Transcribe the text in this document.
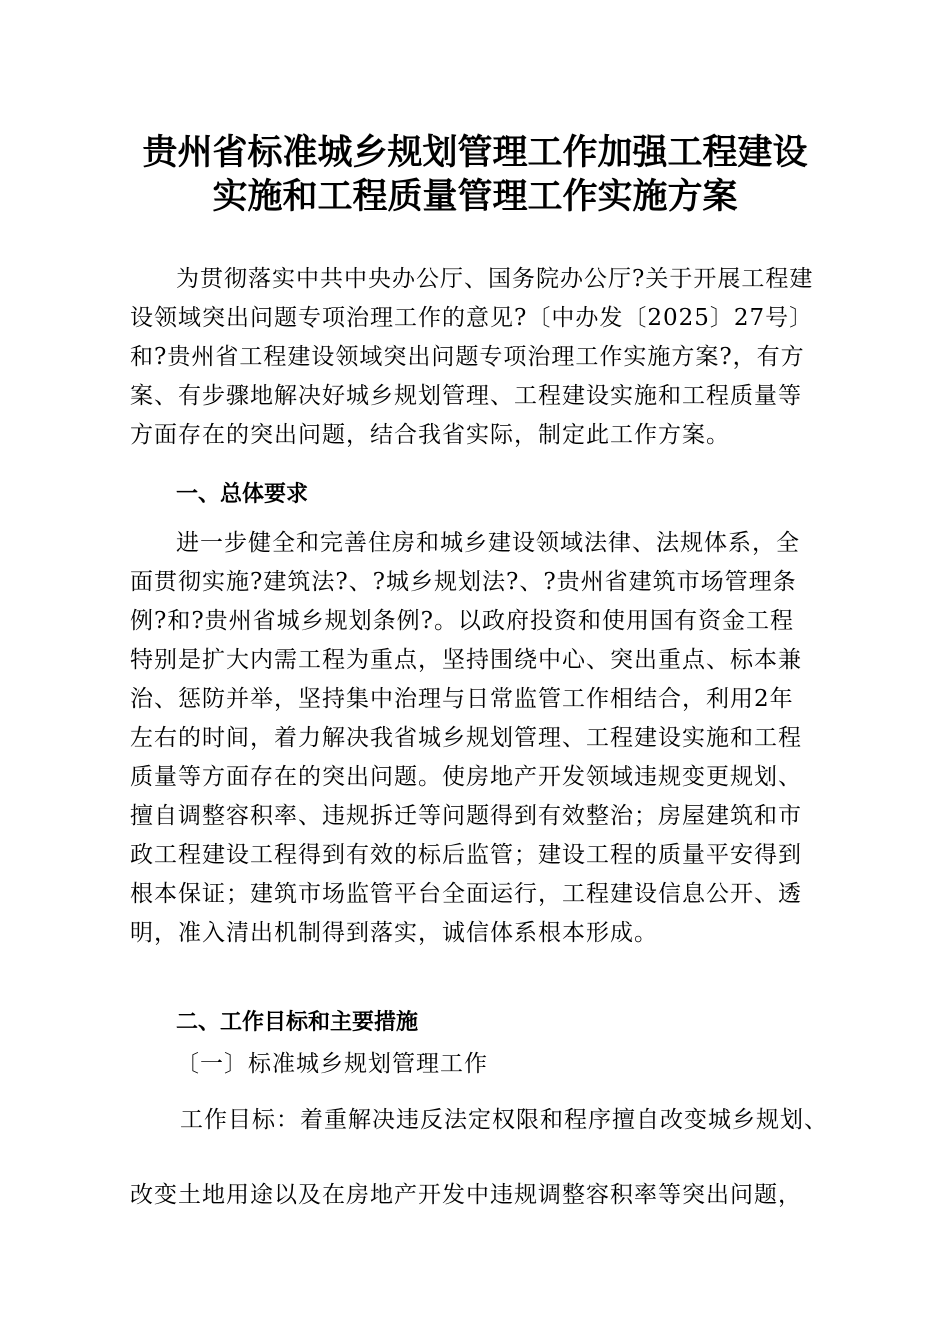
贵州省标准城乡规划管理工作加强工程建设
实施和工程质量管理工作实施方案
为贯彻落实中共中央办公厅、国务院办公厅?关于开展工程建
设领域突出问题专项治理工作的意见?〔中办发〔2025〕27号〕
和?贵州省工程建设领域突出问题专项治理工作实施方案?，有方
案、有步骤地解决好城乡规划管理、工程建设实施和工程质量等
方面存在的突出问题，结合我省实际，制定此工作方案。
一、总体要求
进一步健全和完善住房和城乡建设领域法律、法规体系，全
面贯彻实施?建筑法?、?城乡规划法?、?贵州省建筑市场管理条
例?和?贵州省城乡规划条例?。以政府投资和使用国有资金工程
特别是扩大内需工程为重点，坚持围绕中心、突出重点、标本兼
治、惩防并举，坚持集中治理与日常监管工作相结合，利用2年
左右的时间，着力解决我省城乡规划管理、工程建设实施和工程
质量等方面存在的突出问题。使房地产开发领域违规变更规划、
擅自调整容积率、违规拆迁等问题得到有效整治；房屋建筑和市
政工程建设工程得到有效的标后监管；建设工程的质量平安得到
根本保证；建筑市场监管平台全面运行，工程建设信息公开、透
明，准入清出机制得到落实，诚信体系根本形成。
二、工作目标和主要措施
〔一〕标准城乡规划管理工作
工作目标：着重解决违反法定权限和程序擅自改变城乡规划、
改变土地用途以及在房地产开发中违规调整容积率等突出问题，
